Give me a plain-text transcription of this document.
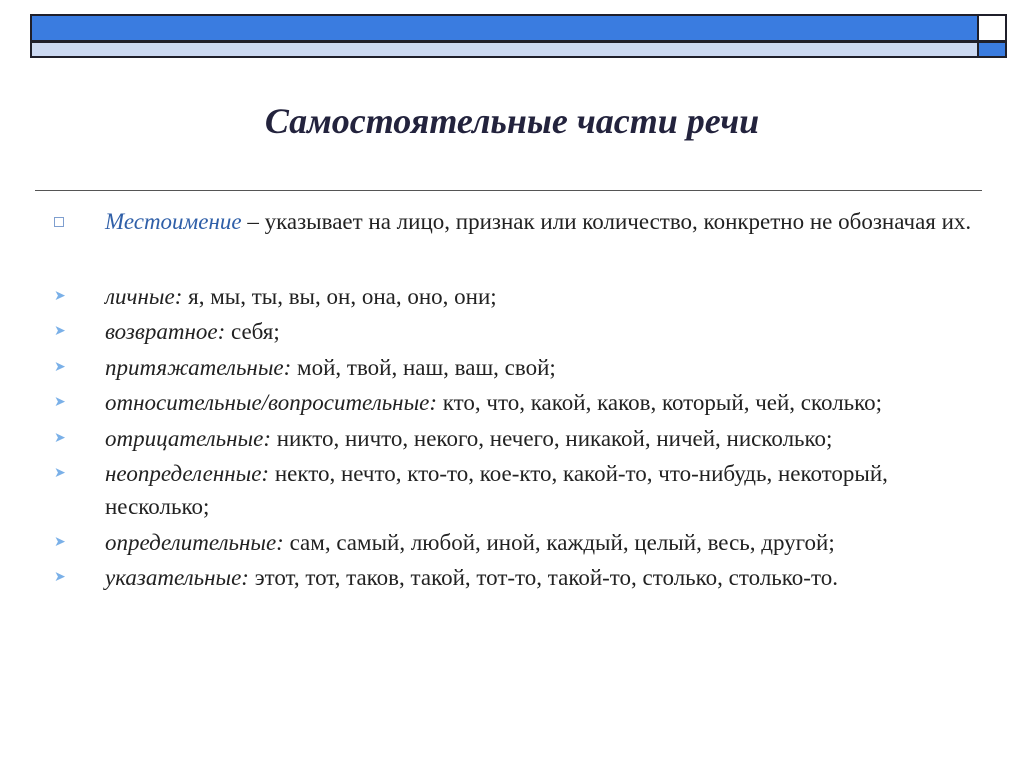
Самостоятельные части речи
Местоимение – указывает на лицо, признак или количество, конкретно не обозначая их.
➤ личные: я, мы, ты, вы, он, она, оно, они;
➤ возвратное: себя;
➤ притяжательные: мой, твой, наш, ваш, свой;
➤ относительные/вопросительные: кто, что, какой, каков, который, чей, сколько;
➤ отрицательные: никто, ничто, некого, нечего, никакой, ничей, нисколько;
➤ неопределенные: некто, нечто, кто-то, кое-кто, какой-то, что-нибудь, некоторый, несколько;
➤ определительные: сам, самый, любой, иной, каждый, целый, весь, другой;
➤ указательные: этот, тот, таков, такой, тот-то, такой-то, столько, столько-то.
